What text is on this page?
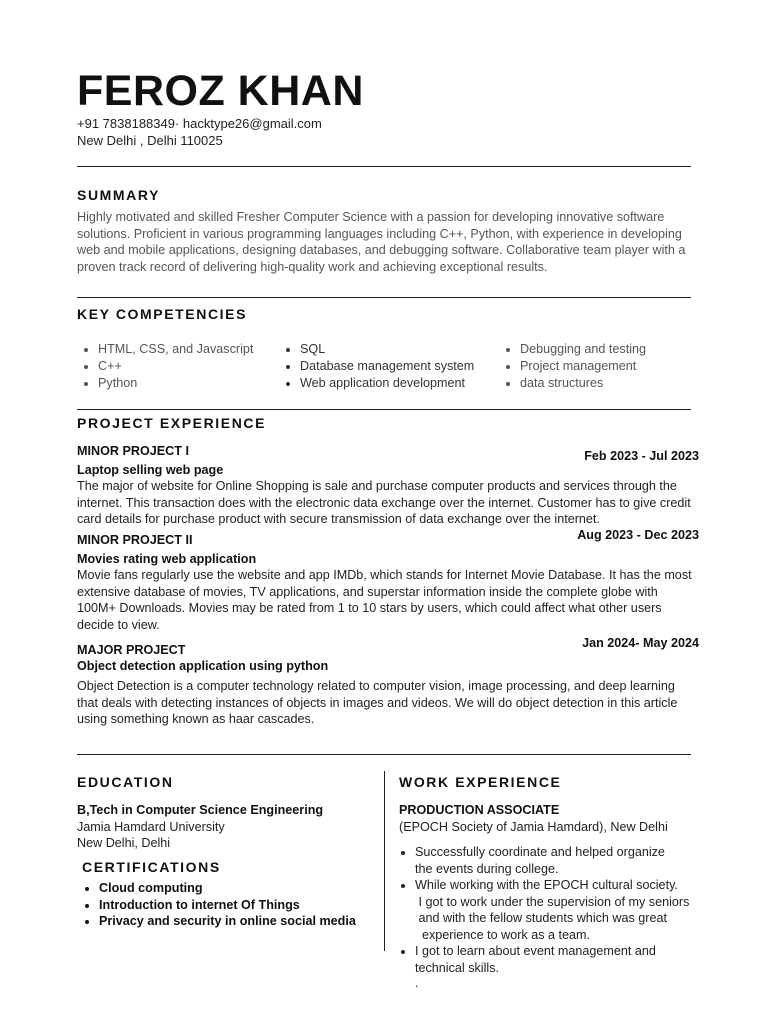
FEROZ KHAN
+91 7838188349· hacktype26@gmail.com
New Delhi , Delhi 110025
SUMMARY
Highly motivated and skilled Fresher Computer Science with a passion for developing innovative software solutions. Proficient in various programming languages including C++, Python, with experience in developing web and mobile applications, designing databases, and debugging software. Collaborative team player with a proven track record of delivering high-quality work and achieving exceptional results.
KEY COMPETENCIES
• HTML, CSS, and Javascript
• C++
• Python
• SQL
• Database management system
• Web application development
• Debugging and testing
• Project management
• data structures
PROJECT EXPERIENCE
MINOR PROJECT I	Feb 2023 - Jul 2023
Laptop selling web page
The major of website for Online Shopping is sale and purchase computer products and services through the internet. This transaction does with the electronic data exchange over the internet. Customer has to give credit card details for purchase product with secure transmission of data exchange over the internet.
MINOR PROJECT II	Aug 2023 - Dec 2023
Movies rating web application
Movie fans regularly use the website and app IMDb, which stands for Internet Movie Database. It has the most extensive database of movies, TV applications, and superstar information inside the complete globe with 100M+ Downloads. Movies may be rated from 1 to 10 stars by users, which could affect what other users decide to view.
MAJOR PROJECT	Jan 2024- May 2024
Object detection application using python
Object Detection is a computer technology related to computer vision, image processing, and deep learning that deals with detecting instances of objects in images and videos. We will do object detection in this article using something known as haar cascades.
EDUCATION
B,Tech in Computer Science Engineering
Jamia Hamdard University
New Delhi, Delhi
CERTIFICATIONS
• Cloud computing
• Introduction to internet Of Things
• Privacy and security in online social media
WORK EXPERIENCE
PRODUCTION ASSOCIATE
(EPOCH Society of Jamia Hamdard), New Delhi
• Successfully coordinate and helped organize
the events during college.
• While working with the EPOCH cultural society.
I got to work under the supervision of my seniors
and with the fellow students which was great
experience to work as a team.
• I got to learn about event management and
technical skills.
.
